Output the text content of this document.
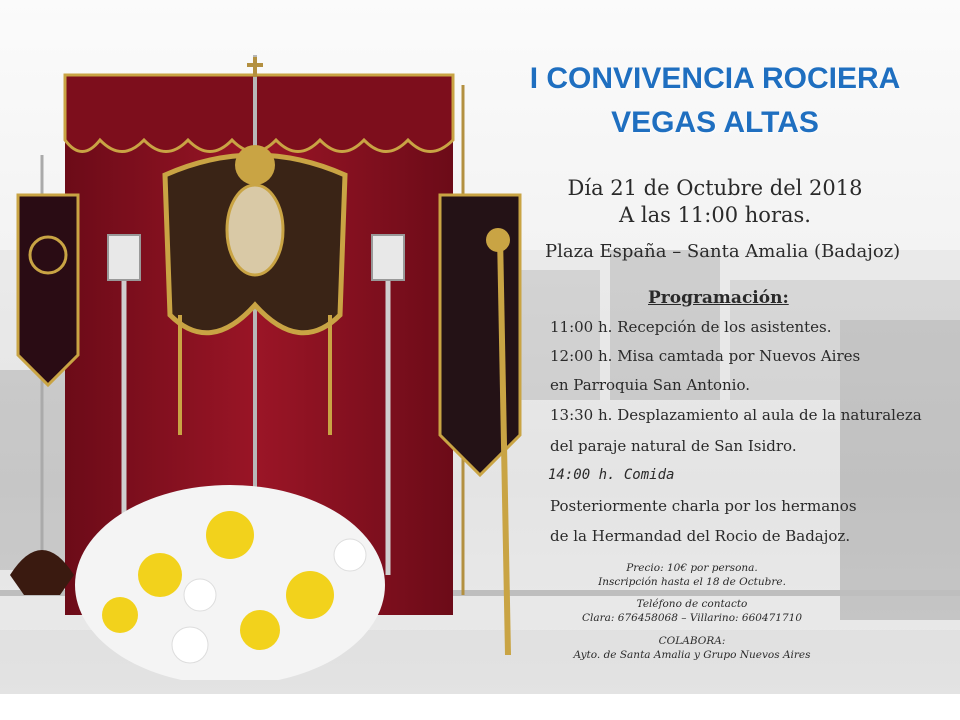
I CONVIVENCIA ROCIERA

VEGAS ALTAS

Día 21 de Octubre del 2018

A las 11:00 horas.

Plaza España – Santa Amalia (Badajoz)

Programación:

11:00 h. Recepción de los asistentes.

12:00 h. Misa camtada por Nuevos Aires

en Parroquia San Antonio.

13:30 h. Desplazamiento al aula de la naturaleza

del paraje natural de San Isidro.

14:00 h. Comida

Posteriormente charla por los hermanos

de la Hermandad del Rocio de Badajoz.

Precio: 10€ por persona.

Inscripción hasta el 18 de Octubre.

Teléfono de contacto

Clara: 676458068 – Villarino: 660471710

COLABORA:

Ayto. de Santa Amalia y Grupo Nuevos Aires
